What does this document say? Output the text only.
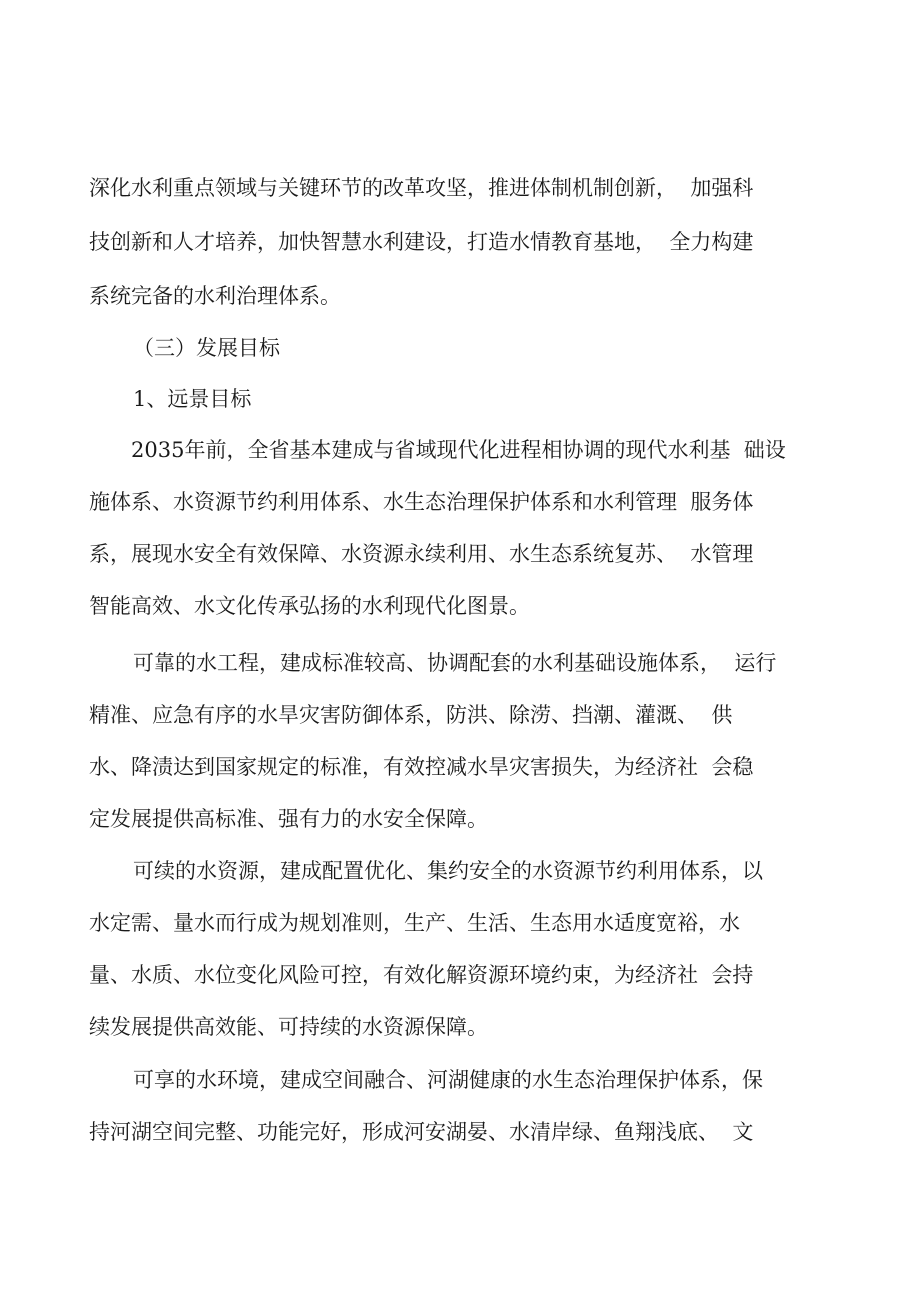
深化水利重点领域与关键环节的改革攻坚，推进体制机制创新，  加强科
技创新和人才培养，加快智慧水利建设，打造水情教育基地，  全力构建
系统完备的水利治理体系。
（三）发展目标
1、远景目标
2035年前，全省基本建成与省域现代化进程相协调的现代水利基  础设
施体系、水资源节约利用体系、水生态治理保护体系和水利管理  服务体
系，展现水安全有效保障、水资源永续利用、水生态系统复苏、  水管理
智能高效、水文化传承弘扬的水利现代化图景。
可靠的水工程，建成标准较高、协调配套的水利基础设施体系，  运行
精准、应急有序的水旱灾害防御体系，防洪、除涝、挡潮、灌溉、  供
水、降渍达到国家规定的标准，有效控减水旱灾害损失，为经济社  会稳
定发展提供高标准、强有力的水安全保障。
可续的水资源，建成配置优化、集约安全的水资源节约利用体系，以
水定需、量水而行成为规划准则，生产、生活、生态用水适度宽裕，水
量、水质、水位变化风险可控，有效化解资源环境约束，为经济社  会持
续发展提供高效能、可持续的水资源保障。
可享的水环境，建成空间融合、河湖健康的水生态治理保护体系，保
持河湖空间完整、功能完好，形成河安湖晏、水清岸绿、鱼翔浅底、  文
